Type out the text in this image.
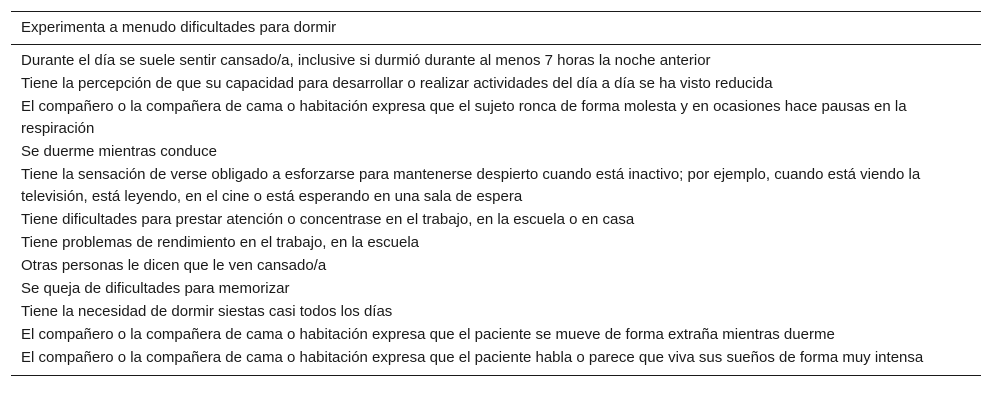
Experimenta a menudo dificultades para dormir
Durante el día se suele sentir cansado/a, inclusive si durmió durante al menos 7 horas la noche anterior
Tiene la percepción de que su capacidad para desarrollar o realizar actividades del día a día se ha visto reducida
El compañero o la compañera de cama o habitación expresa que el sujeto ronca de forma molesta y en ocasiones hace pausas en la respiración
Se duerme mientras conduce
Tiene la sensación de verse obligado a esforzarse para mantenerse despierto cuando está inactivo; por ejemplo, cuando está viendo la televisión, está leyendo, en el cine o está esperando en una sala de espera
Tiene dificultades para prestar atención o concentrase en el trabajo, en la escuela o en casa
Tiene problemas de rendimiento en el trabajo, en la escuela
Otras personas le dicen que le ven cansado/a
Se queja de dificultades para memorizar
Tiene la necesidad de dormir siestas casi todos los días
El compañero o la compañera de cama o habitación expresa que el paciente se mueve de forma extraña mientras duerme
El compañero o la compañera de cama o habitación expresa que el paciente habla o parece que viva sus sueños de forma muy intensa
